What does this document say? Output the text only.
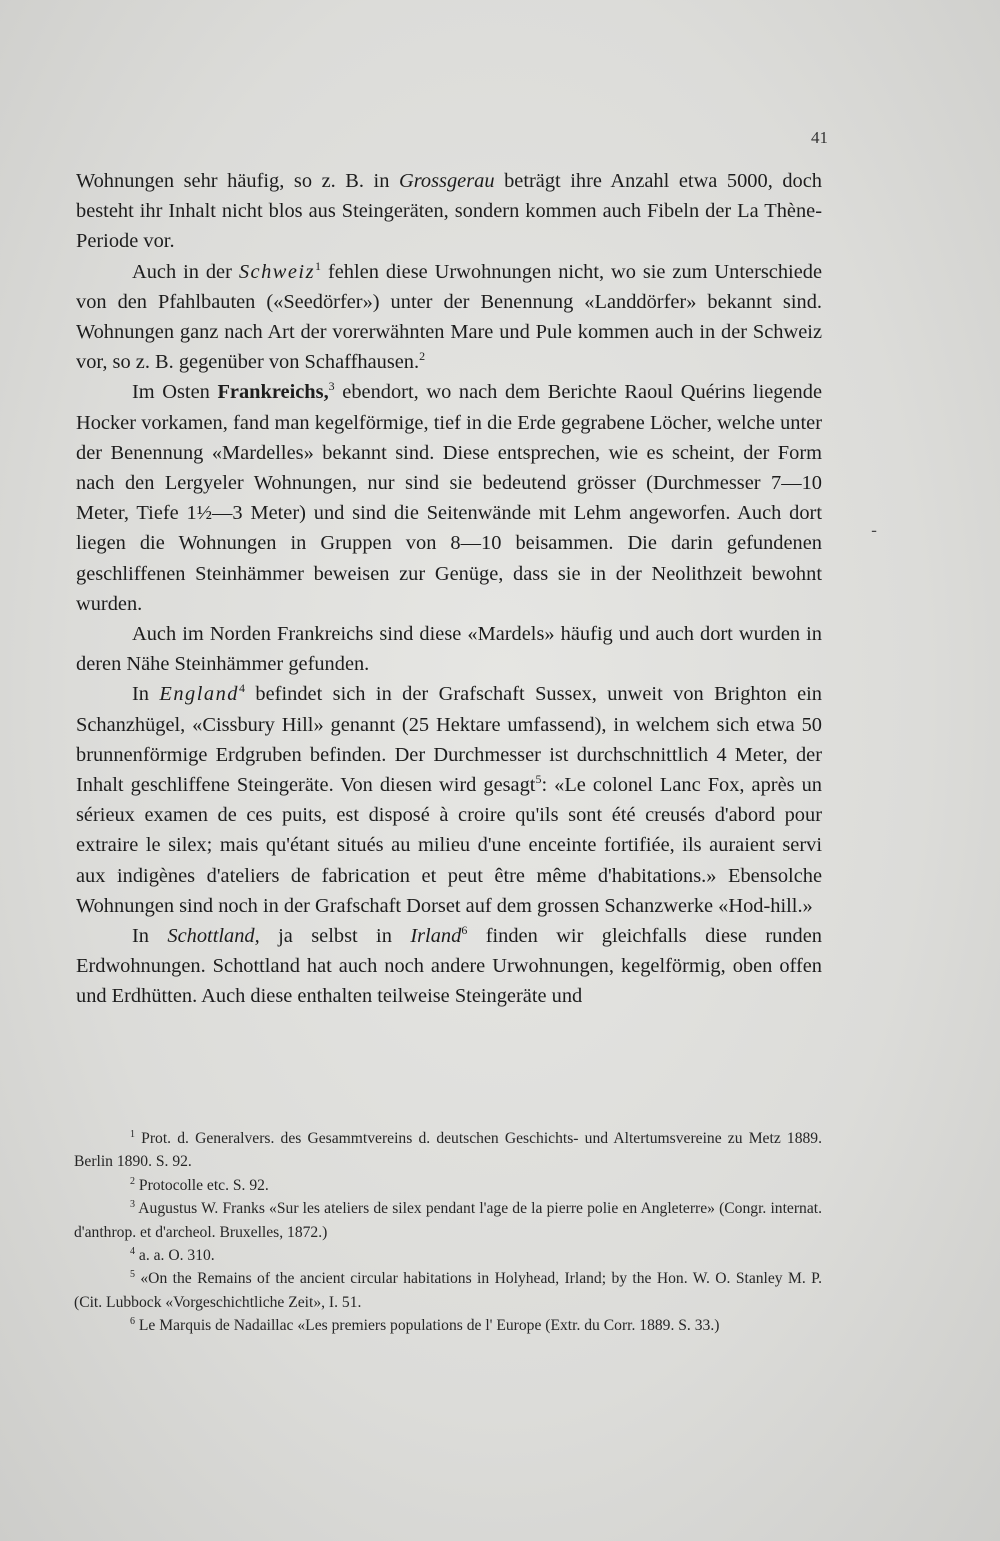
41
ـ

Wohnungen sehr häufig, so z. B. in Grossgerau beträgt ihre Anzahl etwa 5000, doch besteht ihr Inhalt nicht blos aus Steingeräten, sondern kommen auch Fibeln der La Thène-Periode vor.

Auch in der Schweiz$^1$ fehlen diese Urwohnungen nicht, wo sie zum Unterschiede von den Pfahlbauten («Seedörfer») unter der Benennung «Landdörfer» bekannt sind. Wohnungen ganz nach Art der vorerwähnten Mare und Pule kommen auch in der Schweiz vor, so z. B. gegenüber von Schaffhausen.$^2$

Im Osten Frankreichs,$^3$ ebendort, wo nach dem Berichte Raoul Quérins liegende Hocker vorkamen, fand man kegelförmige, tief in die Erde gegrabene Löcher, welche unter der Benennung «Mardelles» bekannt sind. Diese entsprechen, wie es scheint, der Form nach den Lergyeler Wohnungen, nur sind sie bedeutend grösser (Durchmesser 7—10 Meter, Tiefe 1½—3 Meter) und sind die Seitenwände mit Lehm angeworfen. Auch dort liegen die Wohnungen in Gruppen von 8—10 beisammen. Die darin gefundenen geschliffenen Steinhämmer beweisen zur Genüge, dass sie in der Neolithzeit bewohnt wurden.

Auch im Norden Frankreichs sind diese «Mardels» häufig und auch dort wurden in deren Nähe Steinhämmer gefunden.

In England$^4$ befindet sich in der Grafschaft Sussex, unweit von Brighton ein Schanzhügel, «Cissbury Hill» genannt (25 Hektare umfassend), in welchem sich etwa 50 brunnenförmige Erdgruben befinden. Der Durchmesser ist durchschnittlich 4 Meter, der Inhalt geschliffene Steingeräte. Von diesen wird gesagt$^5$: «Le colonel Lanc Fox, après un sérieux examen de ces puits, est disposé à croire qu'ils sont été creusés d'abord pour extraire le silex; mais qu'étant situés au milieu d'une enceinte fortifiée, ils auraient servi aux indigènes d'ateliers de fabrication et peut être même d'habitations.» Ebensolche Wohnungen sind noch in der Grafschaft Dorset auf dem grossen Schanzwerke «Hod-hill.»

In Schottland, ja selbst in Irland$^6$ finden wir gleichfalls diese runden Erdwohnungen. Schottland hat auch noch andere Urwohnungen, kegelförmig, oben offen und Erdhütten. Auch diese enthalten teilweise Steingeräte und

$^1$ Prot. d. Generalvers. des Gesammtvereins d. deutschen Geschichts- und Altertumsvereine zu Metz 1889. Berlin 1890. S. 92.

$^2$ Protocolle etc. S. 92.

$^3$ Augustus W. Franks «Sur les ateliers de silex pendant l'age de la pierre polie en Angleterre» (Congr. internat. d'anthrop. et d'archeol. Bruxelles, 1872.)

$^4$ a. a. O. 310.

$^5$ «On the Remains of the ancient circular habitations in Holyhead, Irland; by the Hon. W. O. Stanley M. P. (Cit. Lubbock «Vorgeschichtliche Zeit», I. 51.

$^6$ Le Marquis de Nadaillac «Les premiers populations de l' Europe (Extr. du Corr. 1889. S. 33.)
